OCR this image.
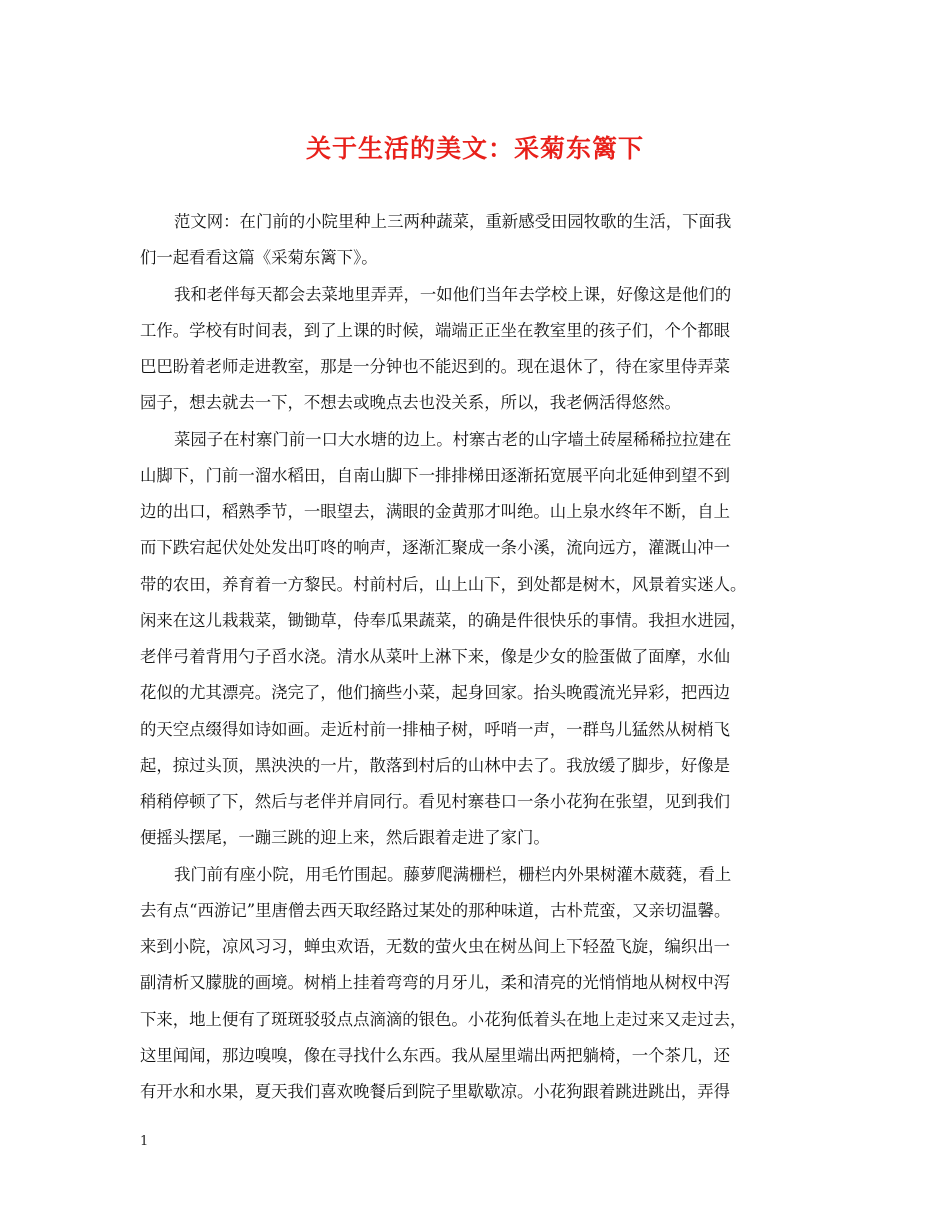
关于生活的美文：采菊东篱下
范文网：在门前的小院里种上三两种蔬菜，重新感受田园牧歌的生活，下面我
们一起看看这篇《采菊东篱下》。
我和老伴每天都会去菜地里弄弄，一如他们当年去学校上课，好像这是他们的
工作。学校有时间表，到了上课的时候，端端正正坐在教室里的孩子们，个个都眼
巴巴盼着老师走进教室，那是一分钟也不能迟到的。现在退休了，待在家里侍弄菜
园子，想去就去一下，不想去或晚点去也没关系，所以，我老俩活得悠然。
菜园子在村寨门前一口大水塘的边上。村寨古老的山字墙土砖屋稀稀拉拉建在
山脚下，门前一溜水稻田，自南山脚下一排排梯田逐渐拓宽展平向北延伸到望不到
边的出口，稻熟季节，一眼望去，满眼的金黄那才叫绝。山上泉水终年不断，自上
而下跌宕起伏处处发出叮咚的响声，逐渐汇聚成一条小溪，流向远方，灌溉山冲一
带的农田，养育着一方黎民。村前村后，山上山下，到处都是树木，风景着实迷人。
闲来在这儿栽栽菜，锄锄草，侍奉瓜果蔬菜，的确是件很快乐的事情。我担水进园，
老伴弓着背用勺子舀水浇。清水从菜叶上淋下来，像是少女的脸蛋做了面摩，水仙
花似的尤其漂亮。浇完了，他们摘些小菜，起身回家。抬头晚霞流光异彩，把西边
的天空点缀得如诗如画。走近村前一排柚子树，呼哨一声，一群鸟儿猛然从树梢飞
起，掠过头顶，黑泱泱的一片，散落到村后的山林中去了。我放缓了脚步，好像是
稍稍停顿了下，然后与老伴并肩同行。看见村寨巷口一条小花狗在张望，见到我们
便摇头摆尾，一蹦三跳的迎上来，然后跟着走进了家门。
我门前有座小院，用毛竹围起。藤萝爬满栅栏，栅栏内外果树灌木葳蕤，看上
去有点“西游记”里唐僧去西天取经路过某处的那种味道，古朴荒蛮，又亲切温馨。
来到小院，凉风习习，蝉虫欢语，无数的萤火虫在树丛间上下轻盈飞旋，编织出一
副清析又朦胧的画境。树梢上挂着弯弯的月牙儿，柔和清亮的光悄悄地从树杈中泻
下来，地上便有了斑斑驳驳点点滴滴的银色。小花狗低着头在地上走过来又走过去，
这里闻闻，那边嗅嗅，像在寻找什么东西。我从屋里端出两把躺椅，一个茶几，还
有开水和水果，夏天我们喜欢晚餐后到院子里歇歇凉。小花狗跟着跳进跳出，弄得
1
